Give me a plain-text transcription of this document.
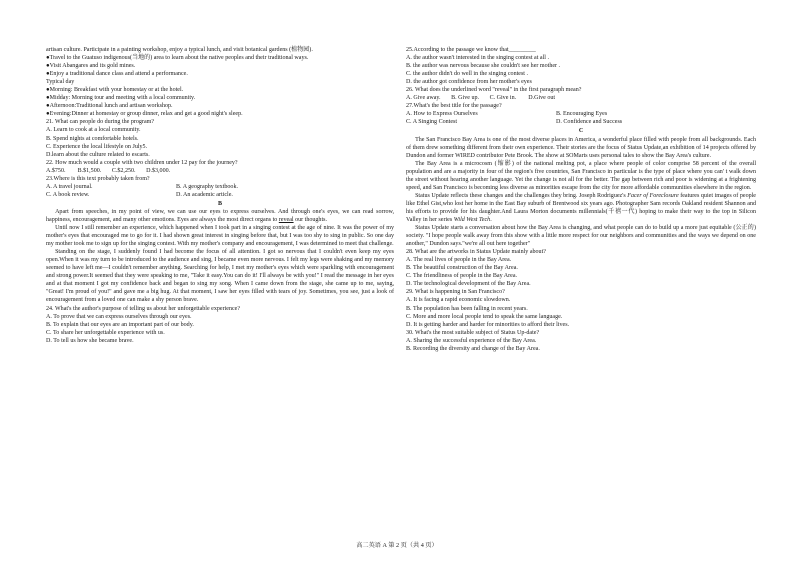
artisan culture. Participate in a painting workshop, enjoy a typical lunch, and visit botanical gardens (植物园).

●Travel to the Guatuso indigenous(当地的) area to learn about the native peoples and their traditional ways.

●Visit Abangares and its gold mines.

●Enjoy a traditional dance class and attend a performance.

Typical day

●Morning: Breakfast with your homestay or at the hotel.

●Midday: Morning tour and meeting with a local community.

●Afternoon:Traditional lunch and artisan workshop.

●Evening:Dinner at homestay or group dinner, relax and get a good night's sleep.

21. What can people do during the program?

A. Learn to cook at a local community.

B. Spend nights at comfortable hotels.

C. Experience the local lifestyle on July5.

D.learn about the culture related to escarts.

22. How much would a couple with two children under 12 pay for the journey?

A.$750.        B.$1,500.       C.$2,250.       D.$3,000.

23.Where is this text probably taken from?

A. A travel journal.	B. A geography textbook.
C. A book review.	D. An academic article.

B

Apart from speeches, in my point of view, we can use our eyes to express ourselves. And through one's eyes, we can read sorrow, happiness, encouragement, and many other emotions. Eyes are always the most direct organs to reveal our thoughts.

Until now I still remember an experience, which happened when I took part in a singing contest at the age of nine. It was the power of my mother's eyes that encouraged me to go for it. I had shown great interest in singing before that, but I was too shy to sing in public. So one day my mother took me to sign up for the singing contest. With my mother's company and encouragement, I was determined to meet that challenge.

Standing on the stage, I suddenly found I had become the focus of all attention. I got so nervous that I couldn't even keep my eyes open.When it was my turn to be introduced to the audience and sing, I became even more nervous. I felt my legs were shaking and my memory seemed to have left me—I couldn't remember anything. Searching for help, I met my mother's eyes which were sparkling with encouragement and strong power.It seemed that they were speaking to me, "Take it easy.You can do it! I'll always be with you!" I read the message in her eyes and at that moment I got my confidence back and began to sing my song. When I came down from the stage, she came up to me, saying, "Great! I'm proud of you!" and gave me a big hug. At that moment, I saw her eyes filled with tears of joy. Sometimes, you see, just a look of encouragement from a loved one can make a shy person brave.

24. What's the author's purpose of telling us about her unforgettable experience?

A. To prove that we can express ourselves through our eyes.

B. To explain that our eyes are an important part of our body.

C. To share her unforgettable experience with us.

D. To tell us how she became brave.

25.According to the passage we know that_________

A. the author wasn't interested in the singing contest at all .

B. the author was nervous because she couldn't see her mother .

C. the author didn't do well in the singing contest .

D. the author got confidence from her mother's eyes

26. What does the underlined word "reveal" in the first paragraph mean?

A. Give away.       B. Give up.       C. Give in.        D.Give out

27.What's the best title for the passage?

A. How to Express Ourselves	B. Encouraging Eyes
C. A Singing Contest	D. Confidence and Success

C

The San Francisco Bay Area is one of the most diverse places in America, a wonderful place filled with people from all backgrounds. Each of them drew something different from their own experience. Their stories are the focus of Status Update,an exhibition of 14 projects offered by Dundon and former WIRED contributor Pete Brook. The show at SOMarts uses personal tales to show the Bay Area's culture.

The Bay Area is a microcosm (缩影) of the national melting pot, a place where people of color comprise 58 percent of the overall population and are a majority in four of the region's five countries, San Francisco in particular is the type of place where you can' t walk down the street without hearing another language. Yet the change is not all for the better. The gap between rich and poor is widening at a frightening speed, and San Francisco is becoming less diverse as minorities escape from the city for more affordable communities elsewhere in the region.

Status Update reflects these changes and the challenges they bring. Joseph Rodriguez's Facer of Foreclosure features quiet images of people like Ethel Gist,who lost her home in the East Bay suburb of Brentwood six years ago. Photographer Sam records Oakland resident Shannon and his efforts to provide for his daughter.And Laura Morton documents millennials(千禧一代) hoping to make their way to the top in Silicon Valley in her series Wild West Tech.

Status Update starts a conversation about how the Bay Area is changing, and what people can do to build up a more just equitable (公正的) society. "I hope people walk away from this show with a little more respect for our neighbors and communities and the ways we depend on one another," Dundon says."we're all out here together"

28. What are the artworks in Status Update mainly about?

A. The real lives of people in the Bay Area.

B. The beautiful construction of the Bay Area.

C. The friendliness of people in the Bay Area.

D. The technological development of the Bay Area.

29. What is happening in San Francisco?

A. It is facing a rapid economic slowdown.

B. The population has been falling in recent years.

C. More and more local people tend to speak the same language.

D. It is getting harder and harder for minorities to afford their lives.

30. What's the most suitable subject of Status Up-date?

A. Sharing the successful experience of the Bay Area.

B. Recording the diversity and change of the Bay Area.

高二英语 A 第 2 页（共 4 页）
